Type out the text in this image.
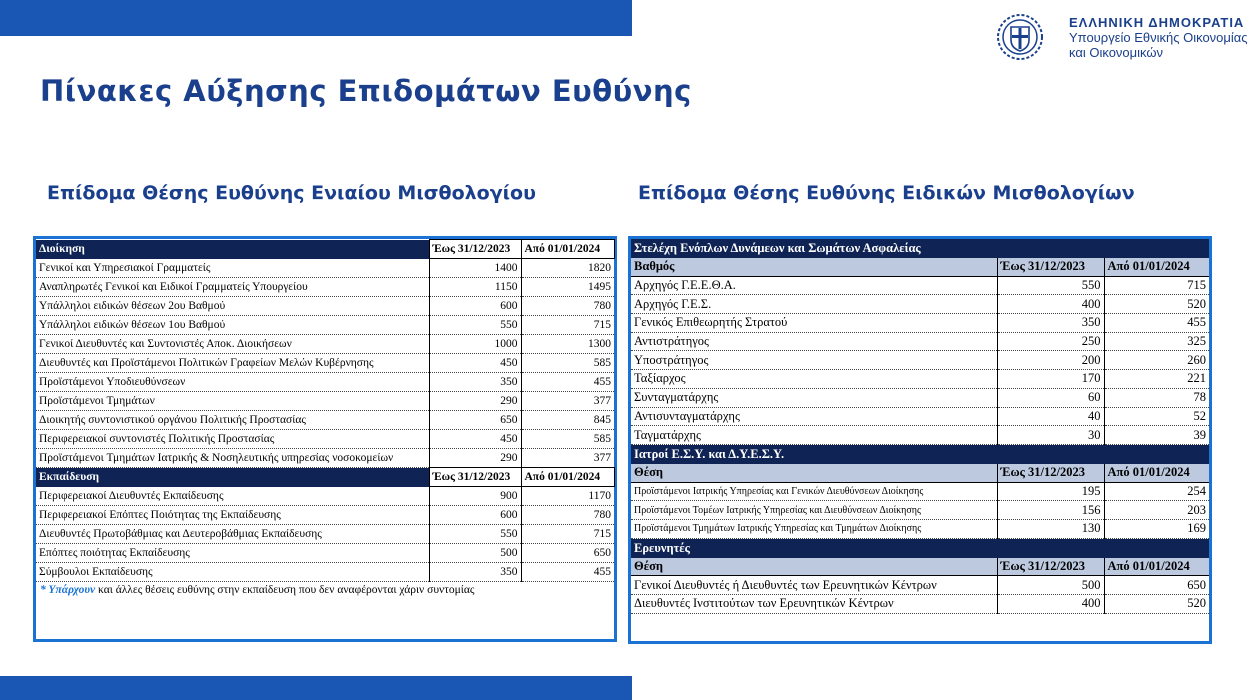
ΕΛΛΗΝΙΚΗ ΔΗΜΟΚΡΑΤΙΑ
Υπουργείο Εθνικής Οικονομίας
και Οικονομικών
Πίνακες Αύξησης Επιδομάτων Ευθύνης
Επίδομα Θέσης Ευθύνης Ενιαίου Μισθολογίου	Επίδομα Θέσης Ευθύνης Ειδικών Μισθολογίων
Διοίκηση	Έως 31/12/2023	Από 01/01/2024
Γενικοί και Υπηρεσιακοί Γραμματείς	1400	1820
Αναπληρωτές Γενικοί και Ειδικοί Γραμματείς Υπουργείου	1150	1495
Υπάλληλοι ειδικών θέσεων 2ου Βαθμού	600	780
Υπάλληλοι ειδικών θέσεων 1ου Βαθμού	550	715
Γενικοί Διευθυντές και Συντονιστές Αποκ. Διοικήσεων	1000	1300
Διευθυντές και Προϊστάμενοι Πολιτικών Γραφείων Μελών Κυβέρνησης	450	585
Προϊστάμενοι Υποδιευθύνσεων	350	455
Προϊστάμενοι Τμημάτων	290	377
Διοικητής συντονιστικού οργάνου Πολιτικής Προστασίας	650	845
Περιφερειακοί συντονιστές Πολιτικής Προστασίας	450	585
Προϊστάμενοι Τμημάτων Ιατρικής & Νοσηλευτικής υπηρεσίας νοσοκομείων	290	377
Εκπαίδευση	Έως 31/12/2023	Από 01/01/2024
Περιφερειακοί Διευθυντές Εκπαίδευσης	900	1170
Περιφερειακοί Επόπτες Ποιότητας της Εκπαίδευσης	600	780
Διευθυντές Πρωτοβάθμιας και Δευτεροβάθμιας Εκπαίδευσης	550	715
Επόπτες ποιότητας Εκπαίδευσης	500	650
Σύμβουλοι Εκπαίδευσης	350	455
* Υπάρχουν και άλλες θέσεις ευθύνης στην εκπαίδευση που δεν αναφέρονται χάριν συντομίας
Στελέχη Ενόπλων Δυνάμεων και Σωμάτων Ασφαλείας		
Βαθμός	Έως 31/12/2023	Από 01/01/2024
Αρχηγός Γ.Ε.Ε.Θ.Α.	550	715
Αρχηγός Γ.Ε.Σ.	400	520
Γενικός Επιθεωρητής Στρατού	350	455
Αντιστράτηγος	250	325
Υποστράτηγος	200	260
Ταξίαρχος	170	221
Συνταγματάρχης	60	78
Αντισυνταγματάρχης	40	52
Ταγματάρχης	30	39
Ιατροί Ε.Σ.Υ. και Δ.Υ.Ε.Σ.Υ.		
Θέση	Έως 31/12/2023	Από 01/01/2024
Προϊστάμενοι Ιατρικής Υπηρεσίας και Γενικών Διευθύνσεων Διοίκησης	195	254
Προϊστάμενοι Τομέων Ιατρικής Υπηρεσίας και Διευθύνσεων Διοίκησης	156	203
Προϊστάμενοι Τμημάτων Ιατρικής Υπηρεσίας και Τμημάτων Διοίκησης	130	169
Ερευνητές		
Θέση	Έως 31/12/2023	Από 01/01/2024
Γενικοί Διευθυντές ή Διευθυντές των Ερευνητικών Κέντρων	500	650
Διευθυντές Ινστιτούτων των Ερευνητικών Κέντρων	400	520
